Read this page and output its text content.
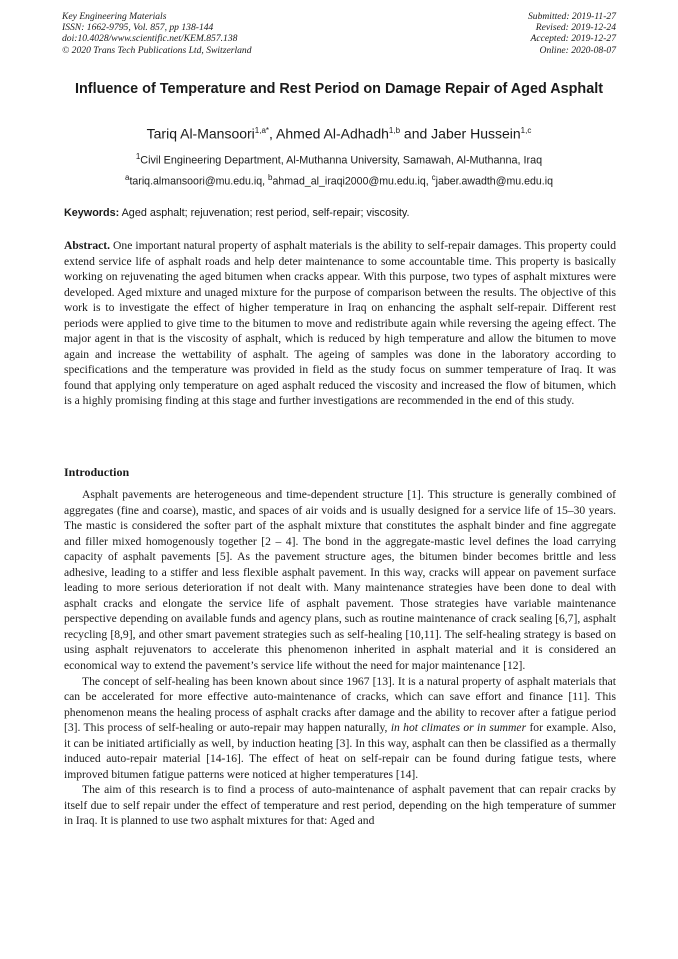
Key Engineering Materials
ISSN: 1662-9795, Vol. 857, pp 138-144
doi:10.4028/www.scientific.net/KEM.857.138
© 2020 Trans Tech Publications Ltd, Switzerland
Submitted: 2019-11-27
Revised: 2019-12-24
Accepted: 2019-12-27
Online: 2020-08-07
Influence of Temperature and Rest Period on Damage Repair of Aged Asphalt
Tariq Al-Mansoori$^{1,a*}$, Ahmed Al-Adhadh$^{1,b}$ and Jaber Hussein$^{1,c}$
$^1$Civil Engineering Department, Al-Muthanna University, Samawah, Al-Muthanna, Iraq
$^a$tariq.almansoori@mu.edu.iq, $^b$ahmad_al_iraqi2000@mu.edu.iq, $^c$jaber.awadth@mu.edu.iq
Keywords: Aged asphalt; rejuvenation; rest period, self-repair; viscosity.
Abstract. One important natural property of asphalt materials is the ability to self-repair damages. This property could extend service life of asphalt roads and help deter maintenance to some accountable time. This property is basically working on rejuvenating the aged bitumen when cracks appear. With this purpose, two types of asphalt mixtures were developed. Aged mixture and unaged mixture for the purpose of comparison between the results. The objective of this work is to investigate the effect of higher temperature in Iraq on enhancing the asphalt self-repair. Different rest periods were applied to give time to the bitumen to move and redistribute again while reversing the ageing effect. The major agent in that is the viscosity of asphalt, which is reduced by high temperature and allow the bitumen to move again and increase the wettability of asphalt. The ageing of samples was done in the laboratory according to specifications and the temperature was provided in field as the study focus on summer temperature of Iraq. It was found that applying only temperature on aged asphalt reduced the viscosity and increased the flow of bitumen, which is a highly promising finding at this stage and further investigations are recommended in the end of this study.
Introduction

Asphalt pavements are heterogeneous and time-dependent structure [1]. This structure is generally combined of aggregates (fine and coarse), mastic, and spaces of air voids and is usually designed for a service life of 15–30 years. The mastic is considered the softer part of the asphalt mixture that constitutes the asphalt binder and fine aggregate and filler mixed homogenously together [2 – 4]. The bond in the aggregate-mastic level defines the load carrying capacity of asphalt pavements [5]. As the pavement structure ages, the bitumen binder becomes brittle and less adhesive, leading to a stiffer and less flexible asphalt pavement. In this way, cracks will appear on pavement surface leading to more serious deterioration if not dealt with. Many maintenance strategies have been done to deal with asphalt cracks and elongate the service life of asphalt pavement. Those strategies have variable maintenance perspective depending on available funds and agency plans, such as routine maintenance of crack sealing [6,7], asphalt recycling [8,9], and other smart pavement strategies such as self-healing [10,11]. The self-healing strategy is based on using asphalt rejuvenators to accelerate this phenomenon inherited in asphalt material and it is considered an economical way to extend the pavement’s service life without the need for major maintenance [12].

The concept of self-healing has been known about since 1967 [13]. It is a natural property of asphalt materials that can be accelerated for more effective auto-maintenance of cracks, which can save effort and finance [11]. This phenomenon means the healing process of asphalt cracks after damage and the ability to recover after a fatigue period [3]. This process of self-healing or auto-repair may happen naturally, in hot climates or in summer for example. Also, it can be initiated artificially as well, by induction heating [3]. In this way, asphalt can then be classified as a thermally induced auto-repair material [14-16]. The effect of heat on self-repair can be found during fatigue tests, where improved bitumen fatigue patterns were noticed at higher temperatures [14].

The aim of this research is to find a process of auto-maintenance of asphalt pavement that can repair cracks by itself due to self repair under the effect of temperature and rest period, depending on the high temperature of summer in Iraq. It is planned to use two asphalt mixtures for that: Aged and
